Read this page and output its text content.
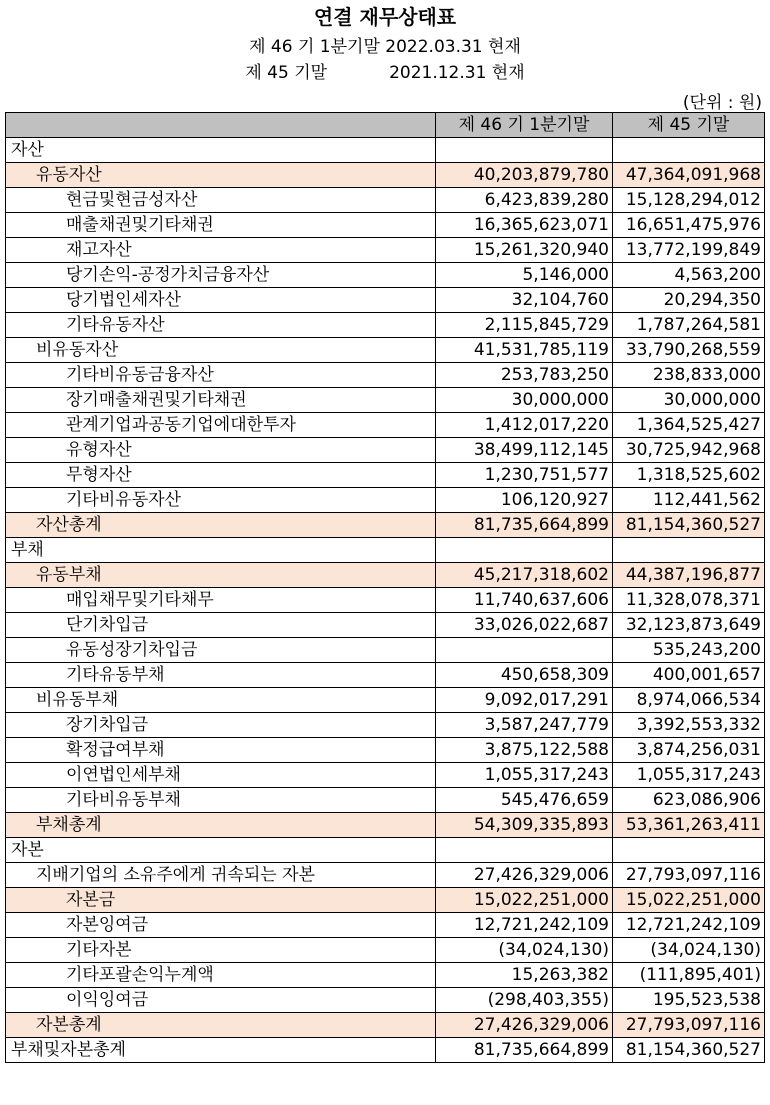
연결 재무상태표
제 46 기 1분기말 2022.03.31 현재
제 45 기말	2021.12.31 현재
(단위 : 원)
	제 46 기 1분기말	제 45 기말
자산		
유동자산	40,203,879,780	47,364,091,968
현금및현금성자산	6,423,839,280	15,128,294,012
매출채권및기타채권	16,365,623,071	16,651,475,976
재고자산	15,261,320,940	13,772,199,849
당기손익-공정가치금융자산	5,146,000	4,563,200
당기법인세자산	32,104,760	20,294,350
기타유동자산	2,115,845,729	1,787,264,581
비유동자산	41,531,785,119	33,790,268,559
기타비유동금융자산	253,783,250	238,833,000
장기매출채권및기타채권	30,000,000	30,000,000
관계기업과공동기업에대한투자	1,412,017,220	1,364,525,427
유형자산	38,499,112,145	30,725,942,968
무형자산	1,230,751,577	1,318,525,602
기타비유동자산	106,120,927	112,441,562
자산총계	81,735,664,899	81,154,360,527
부채		
유동부채	45,217,318,602	44,387,196,877
매입채무및기타채무	11,740,637,606	11,328,078,371
단기차입금	33,026,022,687	32,123,873,649
유동성장기차입금		535,243,200
기타유동부채	450,658,309	400,001,657
비유동부채	9,092,017,291	8,974,066,534
장기차입금	3,587,247,779	3,392,553,332
확정급여부채	3,875,122,588	3,874,256,031
이연법인세부채	1,055,317,243	1,055,317,243
기타비유동부채	545,476,659	623,086,906
부채총계	54,309,335,893	53,361,263,411
자본		
지배기업의 소유주에게 귀속되는 자본	27,426,329,006	27,793,097,116
자본금	15,022,251,000	15,022,251,000
자본잉여금	12,721,242,109	12,721,242,109
기타자본	(34,024,130)	(34,024,130)
기타포괄손익누계액	15,263,382	(111,895,401)
이익잉여금	(298,403,355)	195,523,538
자본총계	27,426,329,006	27,793,097,116
부채및자본총계	81,735,664,899	81,154,360,527
